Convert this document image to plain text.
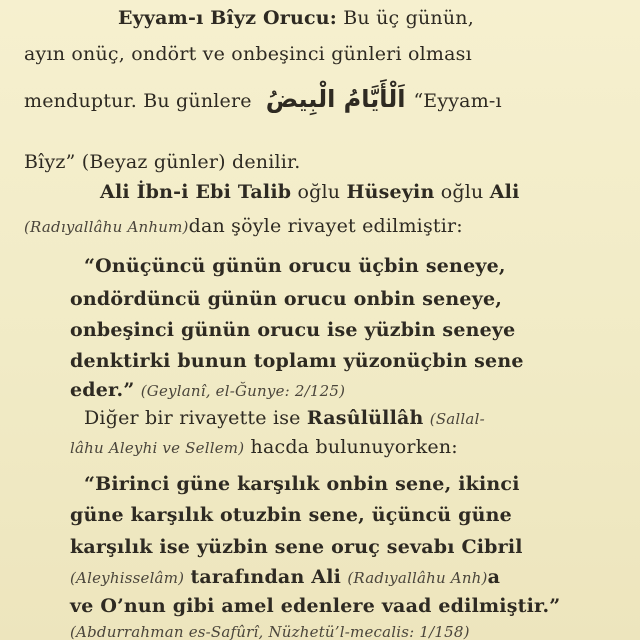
Eyyam-ı Bîyz Orucu: Bu üç günün,
ayın onüç, ondört ve onbeşinci günleri olması
menduptur. Bu günlere اَلْأَيَّامُ الْبِيضُ “Eyyam-ı
Bîyz” (Beyaz günler) denilir.
Ali İbn-i Ebi Talib oğlu Hüseyin oğlu Ali
(Radıyallâhu Anhum)dan şöyle rivayet edilmiştir:
“Onüçüncü günün orucu üçbin seneye,
ondördüncü günün orucu onbin seneye,
onbeşinci günün orucu ise yüzbin seneye
denktirki bunun toplamı yüzonüçbin sene
eder.” (Geylanî, el-Ğunye: 2/125)
Diğer bir rivayette ise Rasûlüllâh (Sallal-
lâhu Aleyhi ve Sellem) hacda bulunuyorken:
“Birinci güne karşılık onbin sene, ikinci
güne karşılık otuzbin sene, üçüncü güne
karşılık ise yüzbin sene oruç sevabı Cibril
(Aleyhisselâm) tarafından Ali (Radıyallâhu Anh)a
ve O’nun gibi amel edenlere vaad edilmiştir.”
(Abdurrahman es-Safûrî, Nüzhetü’l-mecalis: 1/158)
